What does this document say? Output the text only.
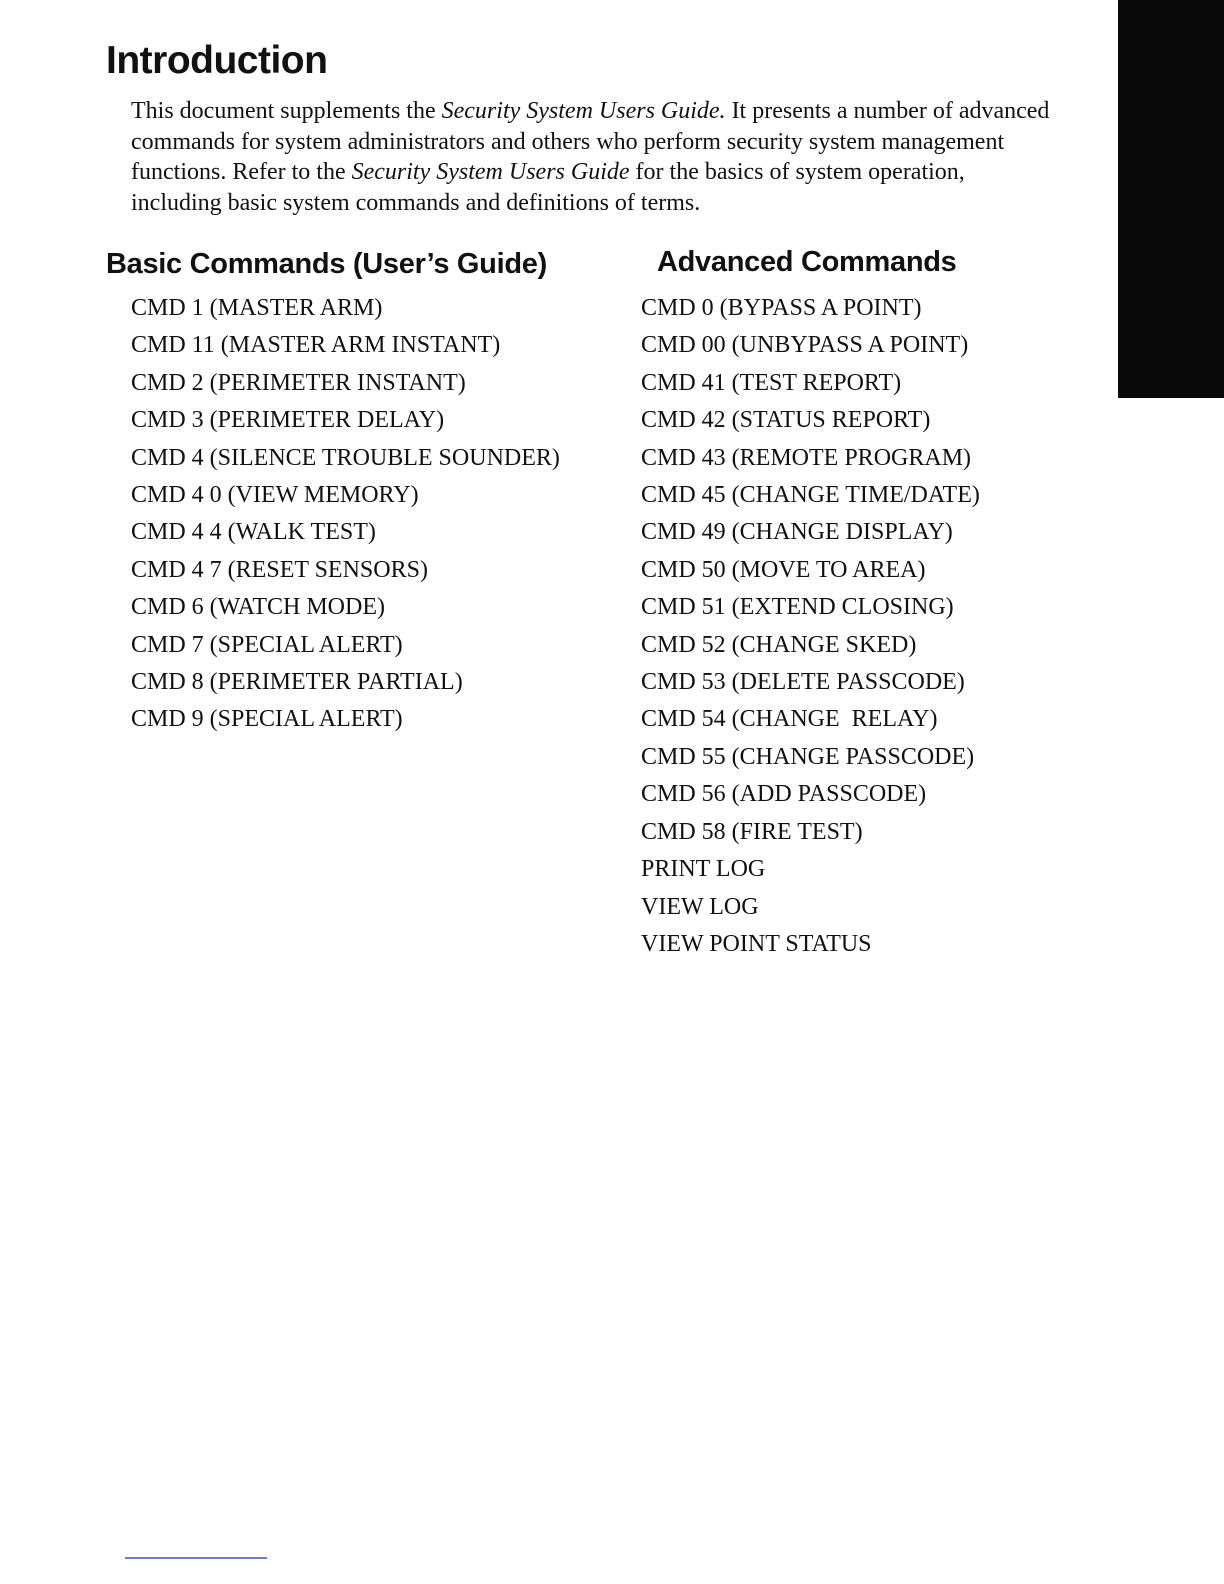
Introduction

This document supplements the Security System Users Guide. It presents a number of advanced commands for system administrators and others who perform security system management functions. Refer to the Security System Users Guide for the basics of system operation, including basic system commands and definitions of terms.

Basic Commands (User’s Guide)	Advanced Commands
CMD 1 (MASTER ARM)
CMD 11 (MASTER ARM INSTANT)
CMD 2 (PERIMETER INSTANT)
CMD 3 (PERIMETER DELAY)
CMD 4 (SILENCE TROUBLE SOUNDER)
CMD 4 0 (VIEW MEMORY)
CMD 4 4 (WALK TEST)
CMD 4 7 (RESET SENSORS)
CMD 6 (WATCH MODE)
CMD 7 (SPECIAL ALERT)
CMD 8 (PERIMETER PARTIAL)
CMD 9 (SPECIAL ALERT)
CMD 0 (BYPASS A POINT)
CMD 00 (UNBYPASS A POINT)
CMD 41 (TEST REPORT)
CMD 42 (STATUS REPORT)
CMD 43 (REMOTE PROGRAM)
CMD 45 (CHANGE TIME/DATE)
CMD 49 (CHANGE DISPLAY)
CMD 50 (MOVE TO AREA)
CMD 51 (EXTEND CLOSING)
CMD 52 (CHANGE SKED)
CMD 53 (DELETE PASSCODE)
CMD 54 (CHANGE  RELAY)
CMD 55 (CHANGE PASSCODE)
CMD 56 (ADD PASSCODE)
CMD 58 (FIRE TEST)
PRINT LOG
VIEW LOG
VIEW POINT STATUS
